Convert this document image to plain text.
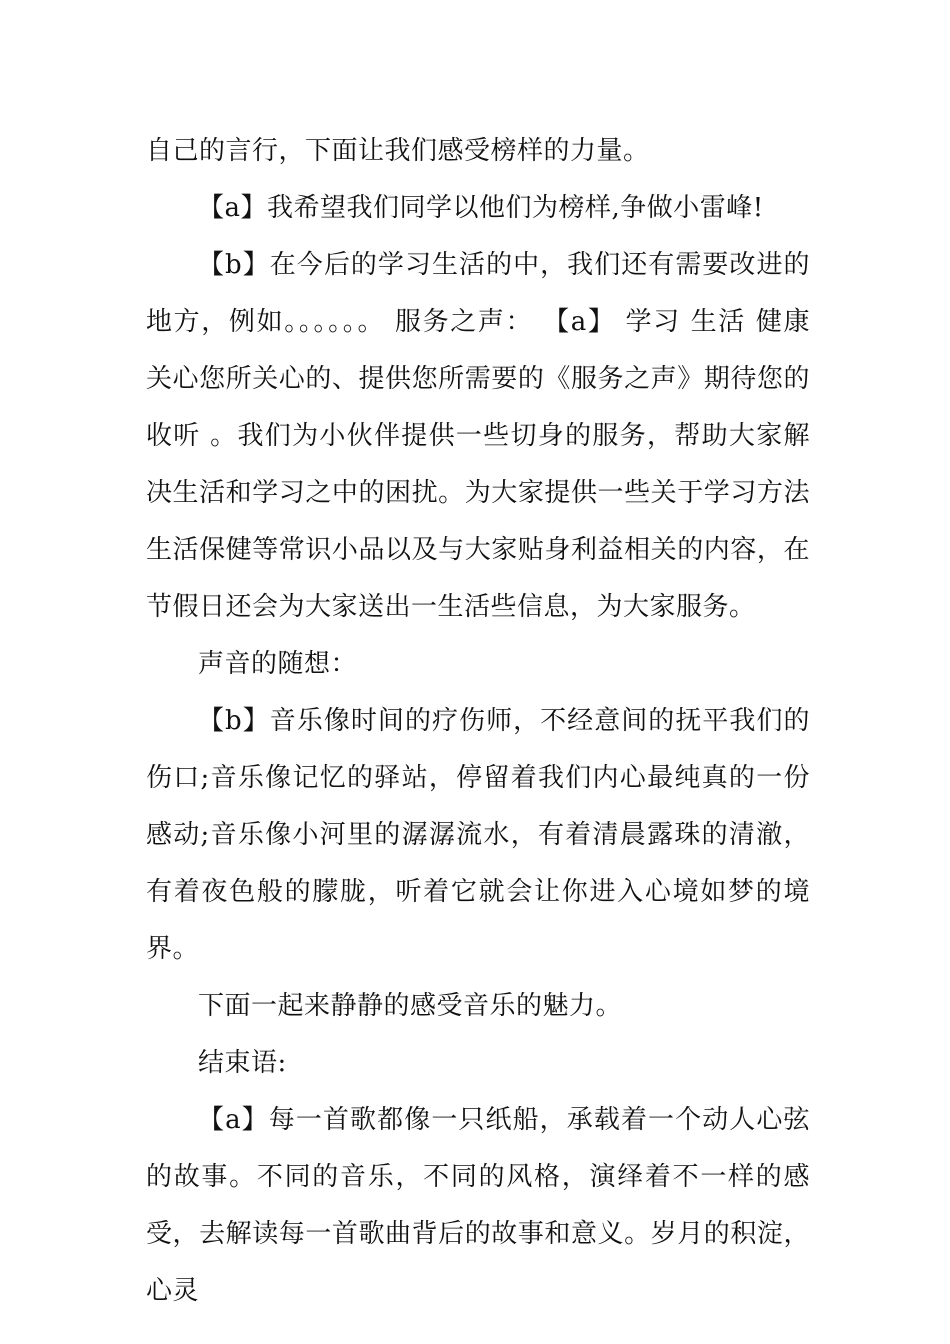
自己的言行，下面让我们感受榜样的力量。

【a】我希望我们同学以他们为榜样,争做小雷峰!

【b】在今后的学习生活的中，我们还有需要改进的地方，例如。。。。。。 服务之声： 【a】 学习 生活 健康 关心您所关心的、提供您所需要的《服务之声》期待您的收听 。我们为小伙伴提供一些切身的服务，帮助大家解决生活和学习之中的困扰。为大家提供一些关于学习方法生活保健等常识小品以及与大家贴身利益相关的内容，在节假日还会为大家送出一生活些信息，为大家服务。

声音的随想：

【b】音乐像时间的疗伤师，不经意间的抚平我们的伤口;音乐像记忆的驿站，停留着我们内心最纯真的一份感动;音乐像小河里的潺潺流水，有着清晨露珠的清澈，有着夜色般的朦胧，听着它就会让你进入心境如梦的境界。

下面一起来静静的感受音乐的魅力。

结束语:

【a】每一首歌都像一只纸船，承载着一个动人心弦的故事。不同的音乐，不同的风格，演绎着不一样的感受，去解读每一首歌曲背后的故事和意义。岁月的积淀，心灵
